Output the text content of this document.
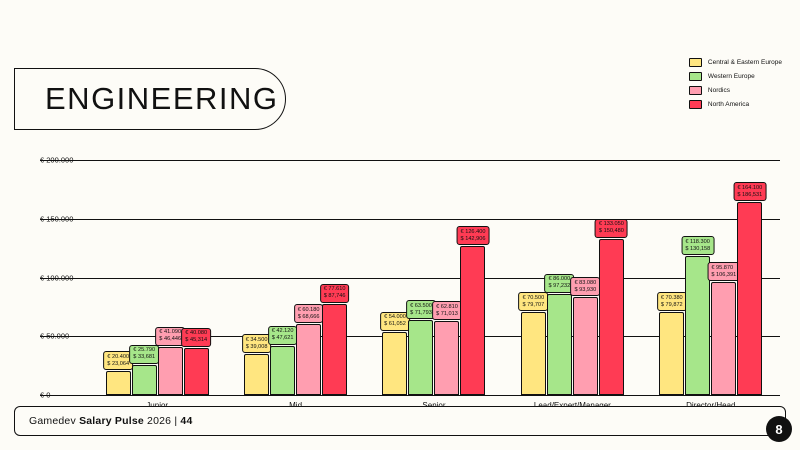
ENGINEERING
Central & Eastern Europe
Western Europe
Nordics
North America
€ 200.000
€ 150.000
€ 100.000
€ 50.000
€ 0
€ 20.400
$ 23,064
€ 25.790
$ 33,681
€ 41.090
$ 46,446
€ 40.080
$ 45,314	€ 34.500
$ 39,008
€ 42.120
$ 47,621
€ 60.180
$ 68,666
€ 77.610
$ 87,746
€ 54.000
$ 61,052
€ 63.500
$ 71,793
€ 62.810
$ 71,013
€ 126.400
$ 142,906
€ 70.500
$ 79,707
€ 86.000
$ 97,232
€ 83.080
$ 93,930
€ 133.050
$ 150,480
€ 70.380
$ 79,872
€ 118.300
$ 130,158
€ 95.870
$ 106,391
€ 164.100
$ 186,531
Gamedev Salary Pulse 2026 | 44
8
